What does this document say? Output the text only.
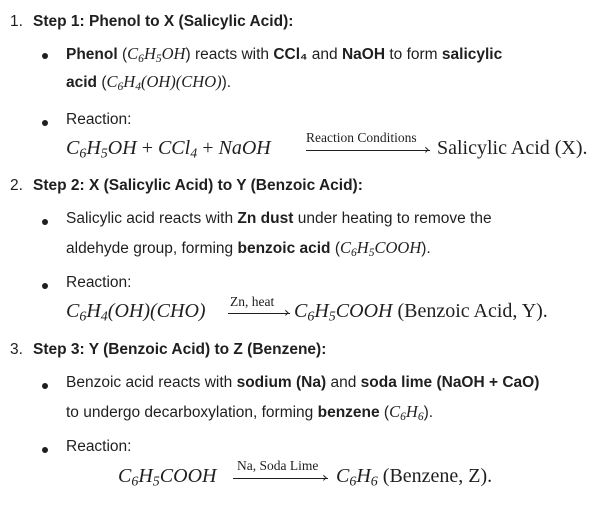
1. Step 1: Phenol to X (Salicylic Acid):
Phenol $(C_6H_5OH)$ reacts with CCl₄ and NaOH to form salicylic
acid $(C_6H_4(OH)(CHO))$.
Reaction:
$C_6H_5OH + CCl_4$ + NaOH	Reaction Conditions
› Salicylic Acid (X).
2. Step 2: X (Salicylic Acid) to Y (Benzoic Acid):
Salicylic acid reacts with Zn dust under heating to remove the
aldehyde group, forming benzoic acid $(C_6H_5COOH)$.
Reaction:
$C_6H_4(OH)(CHO)$ Zn, heat
› $C_6H_5COOH$ (Benzoic Acid, Y).
3. Step 3: Y (Benzoic Acid) to Z (Benzene):
Benzoic acid reacts with sodium (Na) and soda lime (NaOH + CaO)
to undergo decarboxylation, forming benzene $(C_6H_6)$.
Reaction:
$C_6H_5COOH$ Na, Soda Lime
› $C_6H_6$ (Benzene, Z).
